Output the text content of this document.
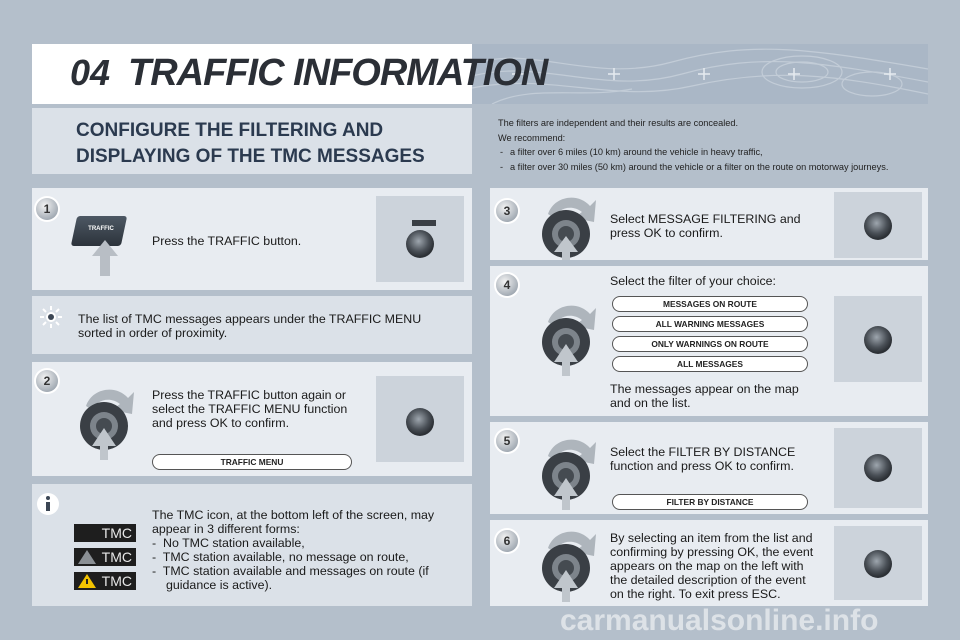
04 TRAFFIC INFORMATION
CONFIGURE THE FILTERING AND
DISPLAYING OF THE TMC MESSAGES
The filters are independent and their results are concealed.
We recommend:
- a filter over 6 miles (10 km) around the vehicle in heavy traffic,
- a filter over 30 miles (50 km) around the vehicle or a filter on the route on motorway journeys.
1
TRAFFIC
Press the TRAFFIC button.
The list of TMC messages appears under the TRAFFIC MENU
sorted in order of proximity.
2
Press the TRAFFIC button again or
select the TRAFFIC MENU function
and press OK to confirm.
TRAFFIC MENU
The TMC icon, at the bottom left of the screen, may
appear in 3 different forms:
-  No TMC station available,
-  TMC station available, no message on route,
-  TMC station available and messages on route (if
guidance is active).
TMC
TMC
TMC
3
Select MESSAGE FILTERING and
press OK to confirm.
4	Select the filter of your choice:
MESSAGES ON ROUTE
ALL WARNING MESSAGES
ONLY WARNINGS ON ROUTE
ALL MESSAGES
The messages appear on the map
and on the list.
5
Select the FILTER BY DISTANCE
function and press OK to confirm.
FILTER BY DISTANCE
6	By selecting an item from the list and
confirming by pressing OK, the event
appears on the map on the left with
the detailed description of the event
on the right. To exit press ESC.
carmanualsonline.info
